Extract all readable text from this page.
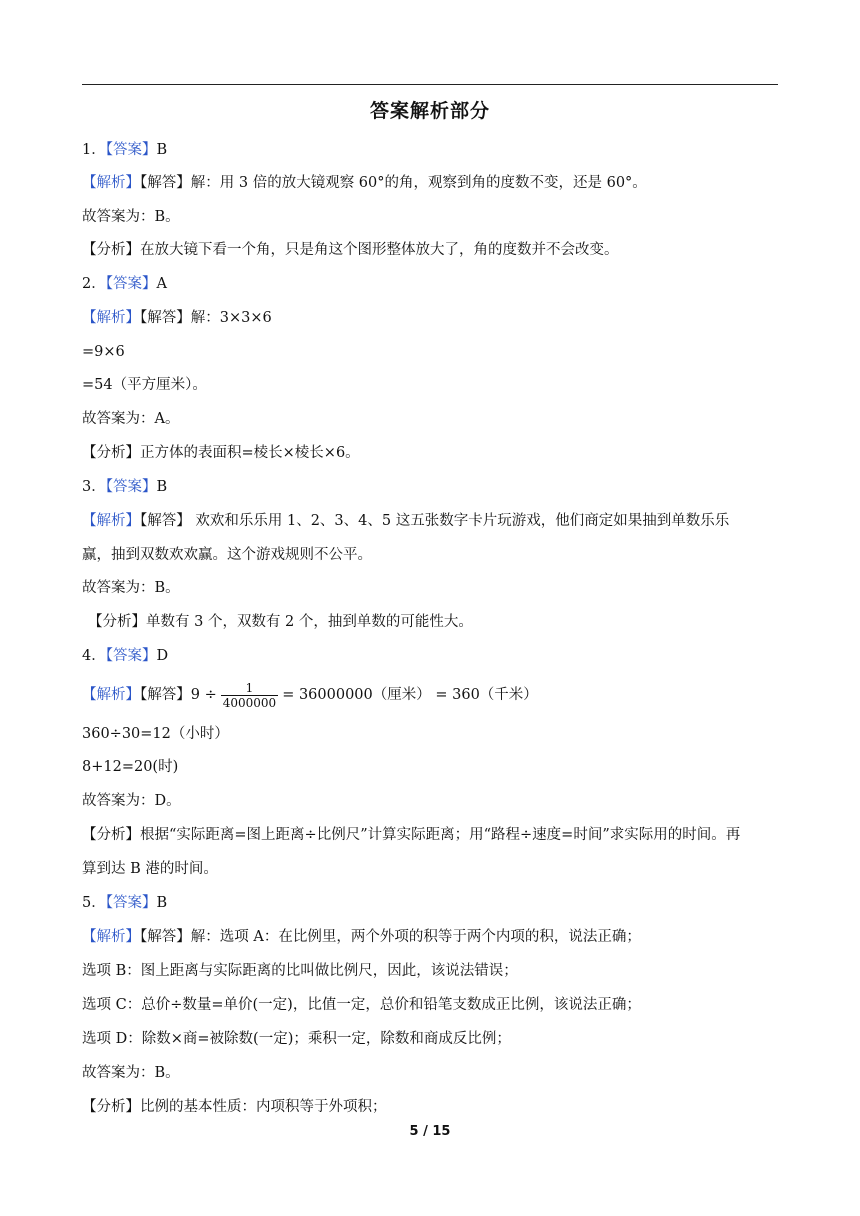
答案解析部分
1．【答案】B
【解析】【解答】解：用 3 倍的放大镜观察 60°的角，观察到角的度数不变，还是 60°。
故答案为：B。
【分析】在放大镜下看一个角，只是角这个图形整体放大了，角的度数并不会改变。
2．【答案】A
【解析】【解答】解：3×3×6
=9×6
=54（平方厘米）。
故答案为：A。
【分析】正方体的表面积=棱长×棱长×6。
3．【答案】B
【解析】【解答】 欢欢和乐乐用 1、2、3、4、5 这五张数字卡片玩游戏，他们商定如果抽到单数乐乐
赢，抽到双数欢欢赢。这个游戏规则不公平。
故答案为：B。
【分析】单数有 3 个，双数有 2 个，抽到单数的可能性大。
4．【答案】D
【解析】【解答】$9 \div \frac{1}{4000000} = 36000000$（厘米） = 360（千米）
360÷30=12（小时）
8+12=20(时)
故答案为：D。
【分析】根据“实际距离=图上距离÷比例尺”计算实际距离；用“路程÷速度=时间”求实际用的时间。再
算到达 B 港的时间。
5．【答案】B
【解析】【解答】解：选项 A：在比例里，两个外项的积等于两个内项的积，说法正确；
选项 B：图上距离与实际距离的比叫做比例尺，因此，该说法错误；
选项 C：总价÷数量=单价(一定)，比值一定，总价和铅笔支数成正比例，该说法正确；
选项 D：除数×商=被除数(一定)；乘积一定，除数和商成反比例；
故答案为：B。
【分析】比例的基本性质：内项积等于外项积；
5 / 15
